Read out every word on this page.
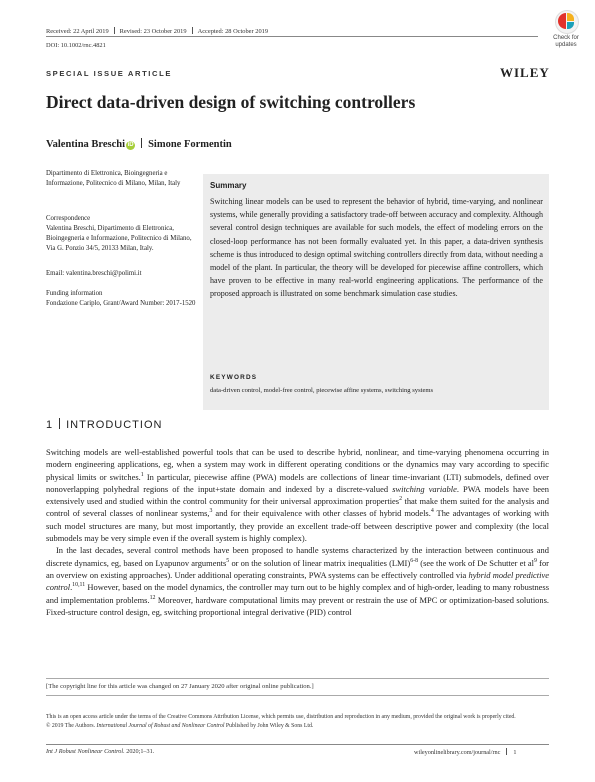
Received: 22 April 2019 Revised: 23 October 2019 Accepted: 28 October 2019
DOI: 10.1002/rnc.4821
Check for
updates
SPECIAL ISSUE ARTICLE	WILEY
Direct data-driven design of switching controllers
Valentina Breschi iD Simone Formentin
Dipartimento di Elettronica, Bioingegneria e Informazione, Politecnico di Milano, Milan, Italy
Correspondence
Valentina Breschi, Dipartimento di Elettronica, Bioingegneria e Informazione, Politecnico di Milano, Via G. Ponzio 34/5, 20133 Milan, Italy.
Email: valentina.breschi@polimi.it
Funding information
Fondazione Cariplo, Grant/Award Number: 2017-1520
Summary
Switching linear models can be used to represent the behavior of hybrid, time-varying, and nonlinear systems, while generally providing a satisfactory trade-off between accuracy and complexity. Although several control design techniques are available for such models, the effect of modeling errors on the closed-loop performance has not been formally evaluated yet. In this paper, a data-driven synthesis scheme is thus introduced to design optimal switching controllers directly from data, without needing a model of the plant. In particular, the theory will be developed for piecewise affine controllers, which have proven to be effective in many real-world engineering applications. The performance of the proposed approach is illustrated on some benchmark simulation case studies.
KEYWORDS
data-driven control, model-free control, piecewise affine systems, switching systems
1 INTRODUCTION

Switching models are well-established powerful tools that can be used to describe hybrid, nonlinear, and time-varying phenomena occurring in modern engineering applications, eg, when a system may work in different operating conditions or the dynamics may vary according to specific physical limits or switches.$^1$ In particular, piecewise affine (PWA) models are collections of linear time-invariant (LTI) submodels, defined over nonoverlapping polyhedral regions of the input+state domain and indexed by a discrete-valued switching variable. PWA models have been extensively used and studied within the control community for their universal approximation properties$^2$ that make them suited for the analysis and control of several classes of nonlinear systems,$^3$ and for their equivalence with other classes of hybrid models.$^4$ The advantages of working with such model structures are many, but most importantly, they provide an excellent trade-off between descriptive power and complexity (the local submodels may be very simple even if the overall system is highly complex).

In the last decades, several control methods have been proposed to handle systems characterized by the interaction between continuous and discrete dynamics, eg, based on Lyapunov arguments$^5$ or on the solution of linear matrix inequalities (LMI)$^{6-8}$ (see the work of De Schutter et $al^9$ for an overview on existing approaches). Under additional operating constraints, PWA systems can be effectively controlled via hybrid model predictive control.$^{10,11}$ However, based on the model dynamics, the controller may turn out to be highly complex and of high-order, leading to many robustness and implementation problems.$^{12}$ Moreover, hardware computational limits may prevent or restrain the use of MPC or optimization-based solutions. Fixed-structure control design, eg, switching proportional integral derivative (PID) control

[The copyright line for this article was changed on 27 January 2020 after original online publication.]
This is an open access article under the terms of the Creative Commons Attribution License, which permits use, distribution and reproduction in any medium, provided the original work is properly cited.
© 2019 The Authors. International Journal of Robust and Nonlinear Control Published by John Wiley & Sons Ltd.
Int J Robust Nonlinear Control. 2020;1–31.	wileyonlinelibrary.com/journal/rnc 1
